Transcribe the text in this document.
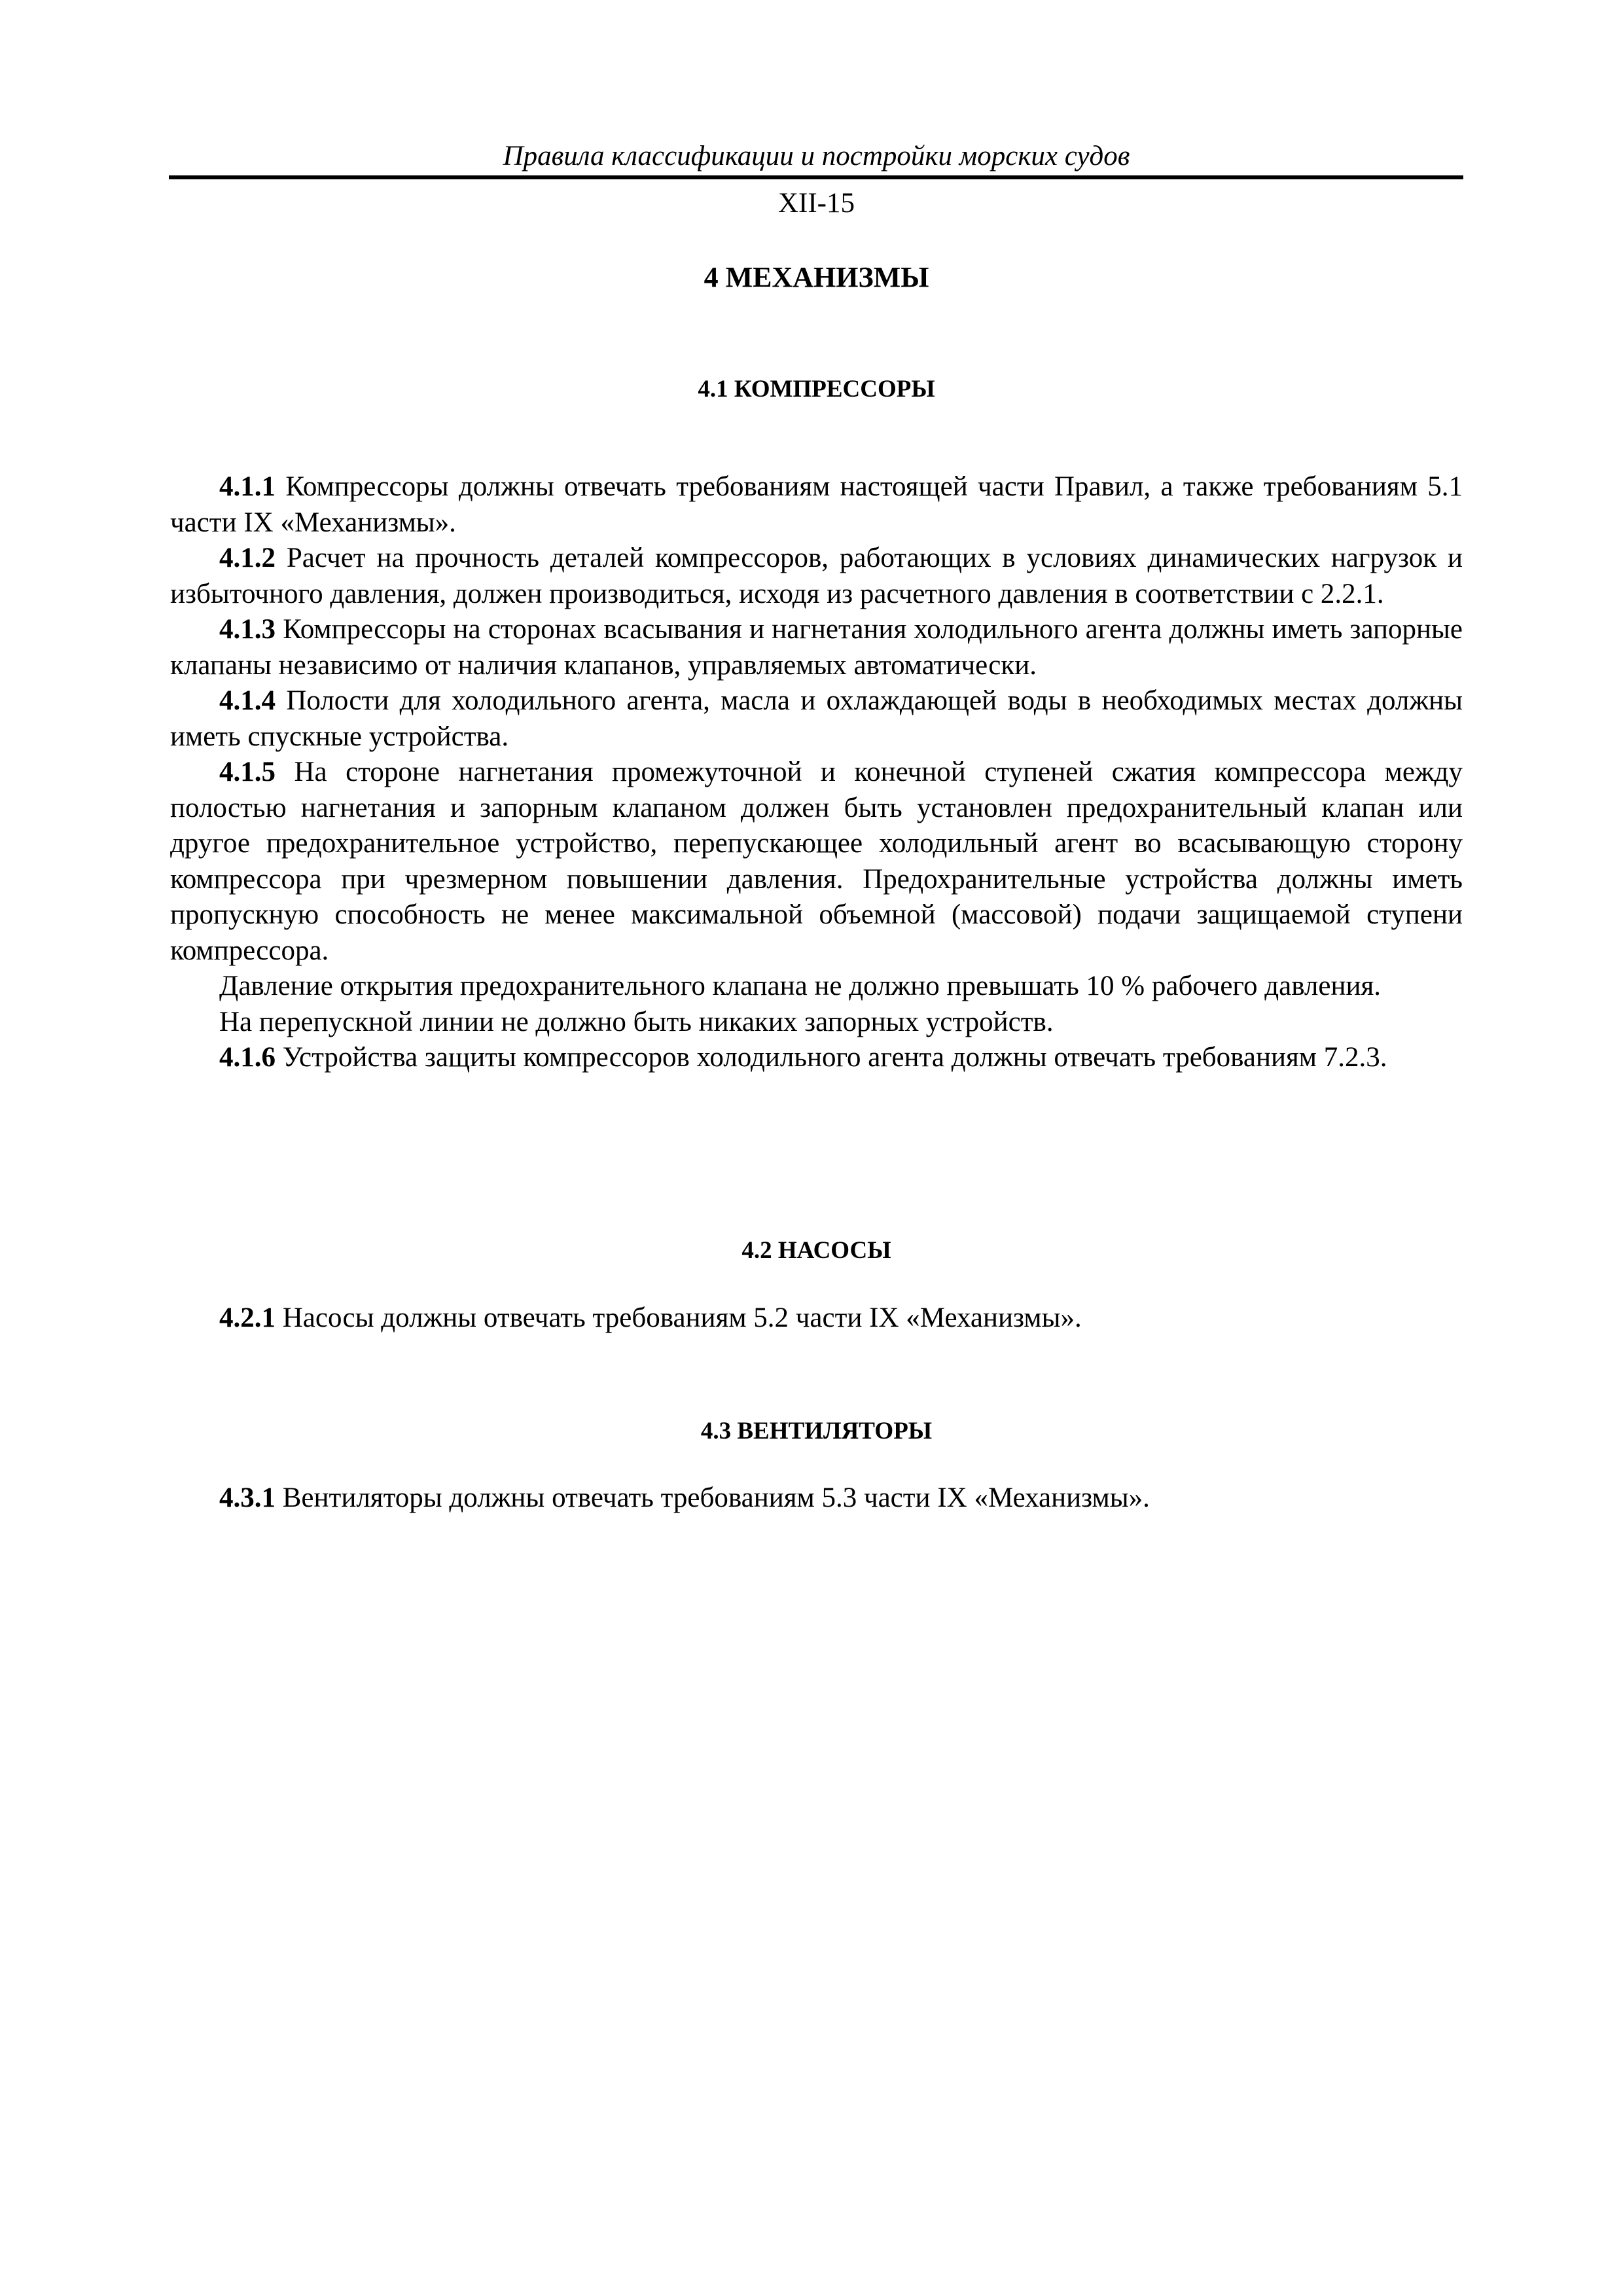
Правила классификации и постройки морских судов
XII-15
4 МЕХАНИЗМЫ
4.1 КОМПРЕССОРЫ

4.1.1 Компрессоры должны отвечать требованиям настоящей части Правил, а также требованиям 5.1 части IX «Механизмы».

4.1.2 Расчет на прочность деталей компрессоров, работающих в условиях динамических нагрузок и избыточного давления, должен производиться, исходя из расчетного давления в соответствии с 2.2.1.

4.1.3 Компрессоры на сторонах всасывания и нагнетания холодильного агента должны иметь запорные клапаны независимо от наличия клапанов, управляемых автоматически.

4.1.4 Полости для холодильного агента, масла и охлаждающей воды в необходимых местах должны иметь спускные устройства.

4.1.5 На стороне нагнетания промежуточной и конечной ступеней сжатия компрессора между полостью нагнетания и запорным клапаном должен быть установлен предохранительный клапан или другое предохранительное устройство, перепускающее холодильный агент во всасывающую сторону компрессора при чрезмерном повышении давления. Предохранительные устройства должны иметь пропускную способность не менее максимальной объемной (массовой) подачи защищаемой ступени компрессора.

Давление открытия предохранительного клапана не должно превышать 10 % рабочего давления.

На перепускной линии не должно быть никаких запорных устройств.

4.1.6 Устройства защиты компрессоров холодильного агента должны отвечать требованиям 7.2.3.

4.2 НАСОСЫ

4.2.1 Насосы должны отвечать требованиям 5.2 части IX «Механизмы».

4.3 ВЕНТИЛЯТОРЫ

4.3.1 Вентиляторы должны отвечать требованиям 5.3 части IX «Механизмы».
